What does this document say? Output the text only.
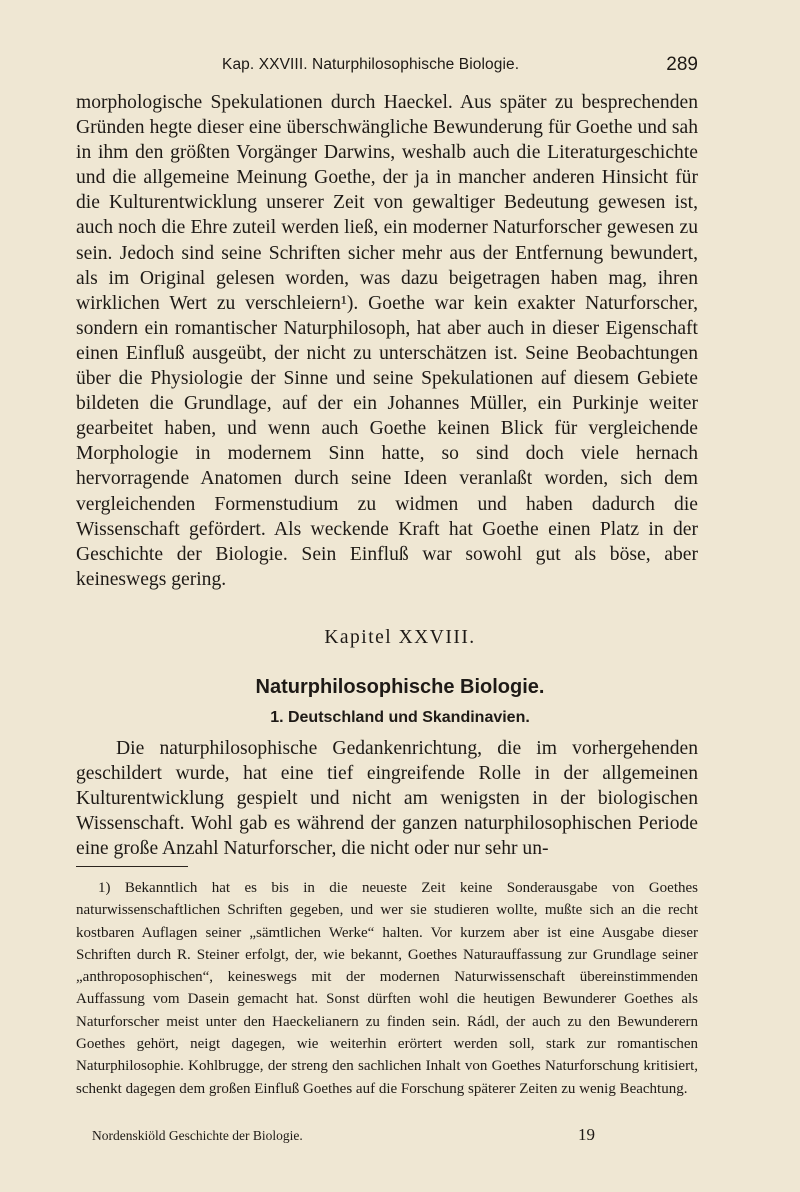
Kap. XXVIII. Naturphilosophische Biologie.	289

morphologische Spekulationen durch Haeckel. Aus später zu besprechenden Gründen hegte dieser eine überschwängliche Bewunderung für Goethe und sah in ihm den größten Vorgänger Darwins, weshalb auch die Literaturgeschichte und die allgemeine Meinung Goethe, der ja in mancher anderen Hinsicht für die Kulturentwicklung unserer Zeit von gewaltiger Bedeutung gewesen ist, auch noch die Ehre zuteil werden ließ, ein moderner Naturforscher gewesen zu sein. Jedoch sind seine Schriften sicher mehr aus der Entfernung bewundert, als im Original gelesen worden, was dazu beigetragen haben mag, ihren wirklichen Wert zu verschleiern¹). Goethe war kein exakter Naturforscher, sondern ein romantischer Naturphilosoph, hat aber auch in dieser Eigenschaft einen Einfluß ausgeübt, der nicht zu unterschätzen ist. Seine Beobachtungen über die Physiologie der Sinne und seine Spekulationen auf diesem Gebiete bildeten die Grundlage, auf der ein Johannes Müller, ein Purkinje weiter gearbeitet haben, und wenn auch Goethe keinen Blick für vergleichende Morphologie in modernem Sinn hatte, so sind doch viele hernach hervorragende Anatomen durch seine Ideen veranlaßt worden, sich dem vergleichenden Formenstudium zu widmen und haben dadurch die Wissenschaft gefördert. Als weckende Kraft hat Goethe einen Platz in der Geschichte der Biologie. Sein Einfluß war sowohl gut als böse, aber keineswegs gering.

Kapitel XXVIII.
Naturphilosophische Biologie.
1. Deutschland und Skandinavien.

Die naturphilosophische Gedankenrichtung, die im vorhergehenden geschildert wurde, hat eine tief eingreifende Rolle in der allgemeinen Kulturentwicklung gespielt und nicht am wenigsten in der biologischen Wissenschaft. Wohl gab es während der ganzen naturphilosophischen Periode eine große Anzahl Naturforscher, die nicht oder nur sehr un-

1) Bekanntlich hat es bis in die neueste Zeit keine Sonderausgabe von Goethes naturwissenschaftlichen Schriften gegeben, und wer sie studieren wollte, mußte sich an die recht kostbaren Auflagen seiner „sämtlichen Werke“ halten. Vor kurzem aber ist eine Ausgabe dieser Schriften durch R. Steiner erfolgt, der, wie bekannt, Goethes Naturauffassung zur Grundlage seiner „anthroposophischen“, keineswegs mit der modernen Naturwissenschaft übereinstimmenden Auffassung vom Dasein gemacht hat. Sonst dürften wohl die heutigen Bewunderer Goethes als Naturforscher meist unter den Haeckelianern zu finden sein. Rádl, der auch zu den Bewunderern Goethes gehört, neigt dagegen, wie weiterhin erörtert werden soll, stark zur romantischen Naturphilosophie. Kohlbrugge, der streng den sachlichen Inhalt von Goethes Naturforschung kritisiert, schenkt dagegen dem großen Einfluß Goethes auf die Forschung späterer Zeiten zu wenig Beachtung.

Nordenskiöld Geschichte der Biologie.	19
